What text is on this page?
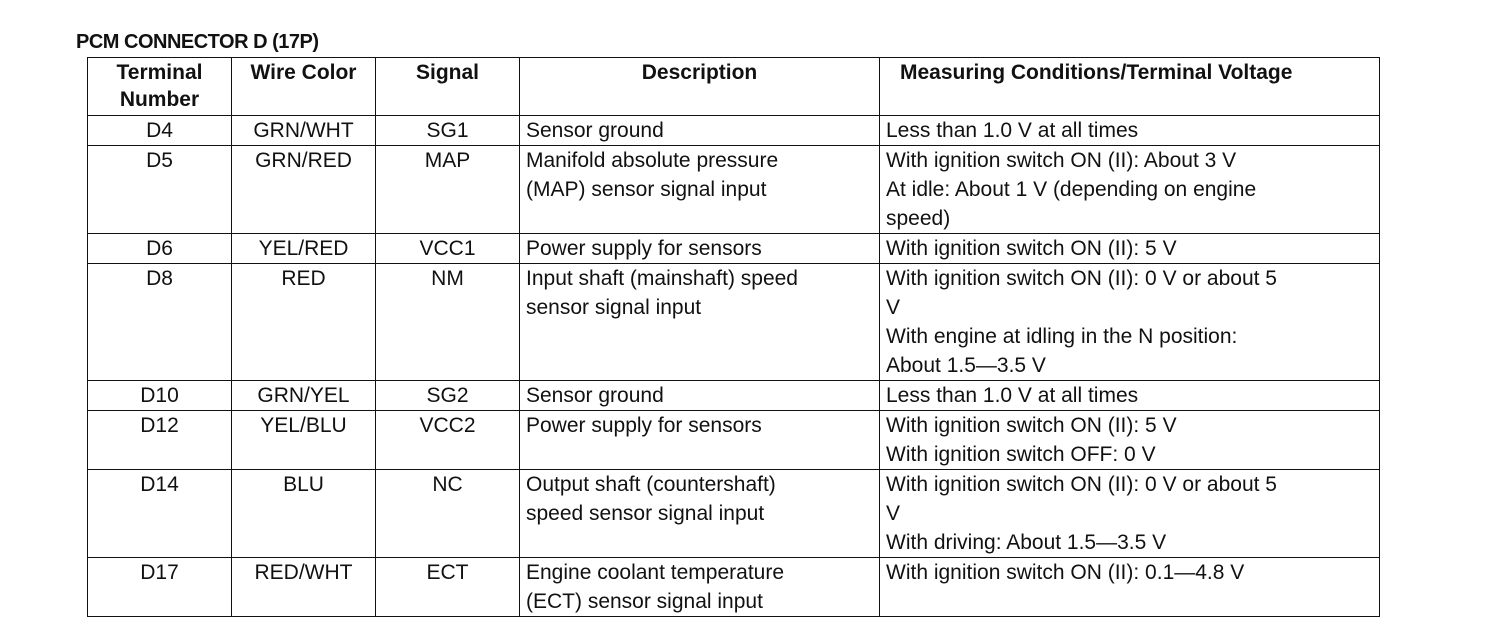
PCM CONNECTOR D (17P)
Terminal Number	Wire Color	Signal	Description	Measuring Conditions/Terminal Voltage
D4	GRN/WHT	SG1	Sensor ground	Less than 1.0 V at all times

D5	GRN/RED	MAP	Manifold absolute pressure
(MAP) sensor signal input	With ignition switch ON (II): About 3 V
At idle: About 1 V (depending on engine
speed)

D6	YEL/RED	VCC1	Power supply for sensors	With ignition switch ON (II): 5 V

D8	RED	NM	Input shaft (mainshaft) speed
sensor signal input	With ignition switch ON (II): 0 V or about 5
V
With engine at idling in the N position:
About 1.5—3.5 V

D10	GRN/YEL	SG2	Sensor ground	Less than 1.0 V at all times

D12	YEL/BLU	VCC2	Power supply for sensors	With ignition switch ON (II): 5 V
With ignition switch OFF: 0 V

D14	BLU	NC	Output shaft (countershaft)
speed sensor signal input	With ignition switch ON (II): 0 V or about 5
V
With driving: About 1.5—3.5 V

D17	RED/WHT	ECT	Engine coolant temperature
(ECT) sensor signal input	With ignition switch ON (II): 0.1—4.8 V
